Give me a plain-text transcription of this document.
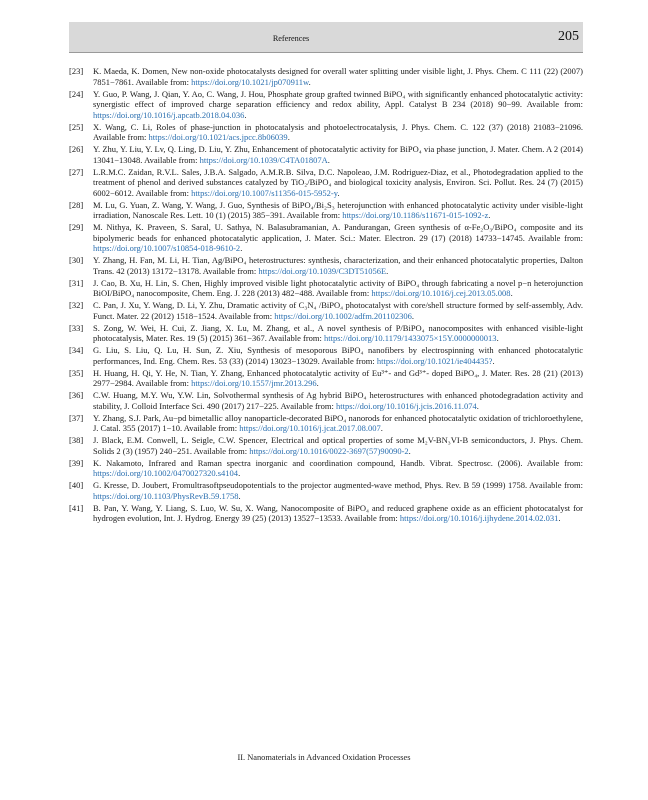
References	205
[23] K. Maeda, K. Domen, New non-oxide photocatalysts designed for overall water splitting under visible light, J. Phys. Chem. C 111 (22) (2007) 7851−7861. Available from: https://doi.org/10.1021/jp070911w.
[24] Y. Guo, P. Wang, J. Qian, Y. Ao, C. Wang, J. Hou, Phosphate group grafted twinned BiPO₄ with significantly enhanced photocatalytic activity: synergistic effect of improved charge separation efficiency and redox ability, Appl. Catalyst B 234 (2018) 90−99. Available from: https://doi.org/10.1016/j.apcatb.2018.04.036.
[25] X. Wang, C. Li, Roles of phase-junction in photocatalysis and photoelectrocatalysis, J. Phys. Chem. C. 122 (37) (2018) 21083−21096. Available from: https://doi.org/10.1021/acs.jpcc.8b06039.
[26] Y. Zhu, Y. Liu, Y. Lv, Q. Ling, D. Liu, Y. Zhu, Enhancement of photocatalytic activity for BiPO₄ via phase junction, J. Mater. Chem. A 2 (2014) 13041−13048. Available from: https://doi.org/10.1039/C4TA01807A.
[27] L.R.M.C. Zaidan, R.V.L. Sales, J.B.A. Salgado, A.M.R.B. Silva, D.C. Napoleao, J.M. Rodriguez-Diaz, et al., Photodegradation applied to the treatment of phenol and derived substances catalyzed by TiO₂/BiPO₄ and biological toxicity analysis, Environ. Sci. Pollut. Res. 24 (7) (2015) 6002−6012. Available from: https://doi.org/10.1007/s11356-015-5952-y.
[28] M. Lu, G. Yuan, Z. Wang, Y. Wang, J. Guo, Synthesis of BiPO₄/Bi₂S₃ heterojunction with enhanced photocatalytic activity under visible-light irradiation, Nanoscale Res. Lett. 10 (1) (2015) 385−391. Available from: https://doi.org/10.1186/s11671-015-1092-z.
[29] M. Nithya, K. Praveen, S. Saral, U. Sathya, N. Balasubramanian, A. Pandurangan, Green synthesis of α-Fe₂O₃/BiPO₄ composite and its bipolymeric beads for enhanced photocatalytic application, J. Mater. Sci.: Mater. Electron. 29 (17) (2018) 14733−14745. Available from: https://doi.org/10.1007/s10854-018-9610-2.
[30] Y. Zhang, H. Fan, M. Li, H. Tian, Ag/BiPO₄ heterostructures: synthesis, characterization, and their enhanced photocatalytic properties, Dalton Trans. 42 (2013) 13172−13178. Available from: https://doi.org/10.1039/C3DT51056E.
[31] J. Cao, B. Xu, H. Lin, S. Chen, Highly improved visible light photocatalytic activity of BiPO₄ through fabricating a novel p−n heterojunction BiOI/BiPO₄ nanocomposite, Chem. Eng. J. 228 (2013) 482−488. Available from: https://doi.org/10.1016/j.cej.2013.05.008.
[32] C. Pan, J. Xu, Y. Wang, D. Li, Y. Zhu, Dramatic activity of C₃N₄ /BiPO₄ photocatalyst with core/shell structure formed by self-assembly, Adv. Funct. Mater. 22 (2012) 1518−1524. Available from: https://doi.org/10.1002/adfm.201102306.
[33] S. Zong, W. Wei, H. Cui, Z. Jiang, X. Lu, M. Zhang, et al., A novel synthesis of P/BiPO₄ nanocomposites with enhanced visible-light photocatalysis, Mater. Res. 19 (5) (2015) 361−367. Available from: https://doi.org/10.1179/1433075×15Y.0000000013.
[34] G. Liu, S. Liu, Q. Lu, H. Sun, Z. Xiu, Synthesis of mesoporous BiPO₄ nanofibers by electrospinning with enhanced photocatalytic performances, Ind. Eng. Chem. Res. 53 (33) (2014) 13023−13029. Available from: https://doi.org/10.1021/ie404435?.
[35] H. Huang, H. Qi, Y. He, N. Tian, Y. Zhang, Enhanced photocatalytic activity of Eu³⁺- and Gd³⁺- doped BiPO₄, J. Mater. Res. 28 (21) (2013) 2977−2984. Available from: https://doi.org/10.1557/jmr.2013.296.
[36] C.W. Huang, M.Y. Wu, Y.W. Lin, Solvothermal synthesis of Ag hybrid BiPO₄ heterostructures with enhanced photodegradation activity and stability, J. Colloid Interface Sci. 490 (2017) 217−225. Available from: https://doi.org/10.1016/j.jcis.2016.11.074.
[37] Y. Zhang, S.J. Park, Au−pd bimetallic alloy nanoparticle-decorated BiPO₄ nanorods for enhanced photocatalytic oxidation of trichloroethylene, J. Catal. 355 (2017) 1−10. Available from: https://doi.org/10.1016/j.jcat.2017.08.007.
[38] J. Black, E.M. Conwell, L. Seigle, C.W. Spencer, Electrical and optical properties of some M₂V-BN₃VI-B semiconductors, J. Phys. Chem. Solids 2 (3) (1957) 240−251. Available from: https://doi.org/10.1016/0022-3697(57)90090-2.
[39] K. Nakamoto, Infrared and Raman spectra inorganic and coordination compound, Handb. Vibrat. Spectrosc. (2006). Available from: https://doi.org/10.1002/0470027320.s4104.
[40] G. Kresse, D. Joubert, Fromultrasoftpseudopotentials to the projector augmented-wave method, Phys. Rev. B 59 (1999) 1758. Available from: https://doi.org/10.1103/PhysRevB.59.1758.
[41] B. Pan, Y. Wang, Y. Liang, S. Luo, W. Su, X. Wang, Nanocomposite of BiPO₄ and reduced graphene oxide as an efficient photocatalyst for hydrogen evolution, Int. J. Hydrog. Energy 39 (25) (2013) 13527−13533. Available from: https://doi.org/10.1016/j.ijhydene.2014.02.031.
II. Nanomaterials in Advanced Oxidation Processes
